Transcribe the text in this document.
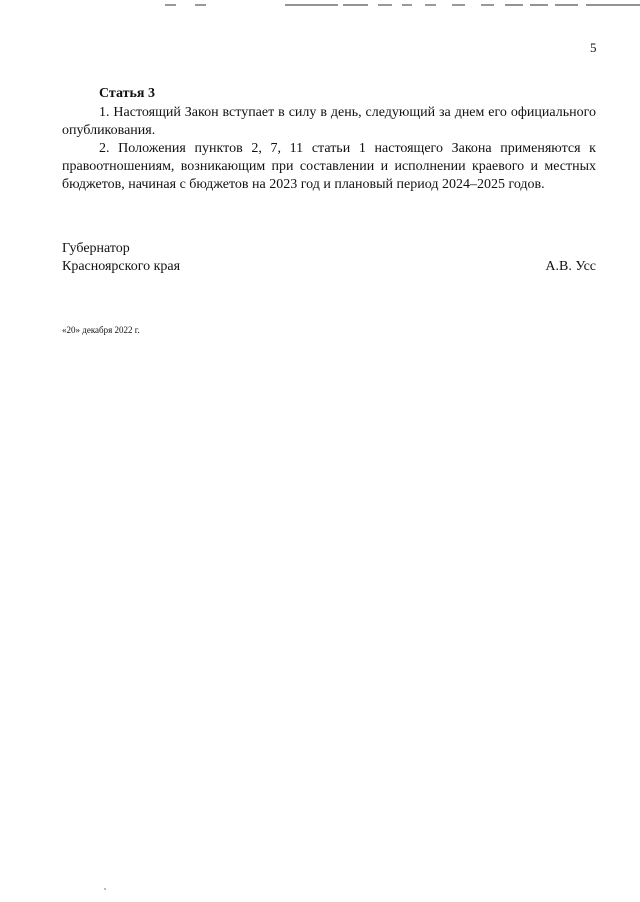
5
Статья 3

1. Настоящий Закон вступает в силу в день, следующий за днем его официального опубликования.

2. Положения пунктов 2, 7, 11 статьи 1 настоящего Закона применяются к правоотношениям, возникающим при составлении и исполнении краевого и местных бюджетов, начиная с бюджетов на 2023 год и плановый период 2024–2025 годов.

Губернатор
Красноярского края	А.В. Усс
«20» декабря 2022 г.
